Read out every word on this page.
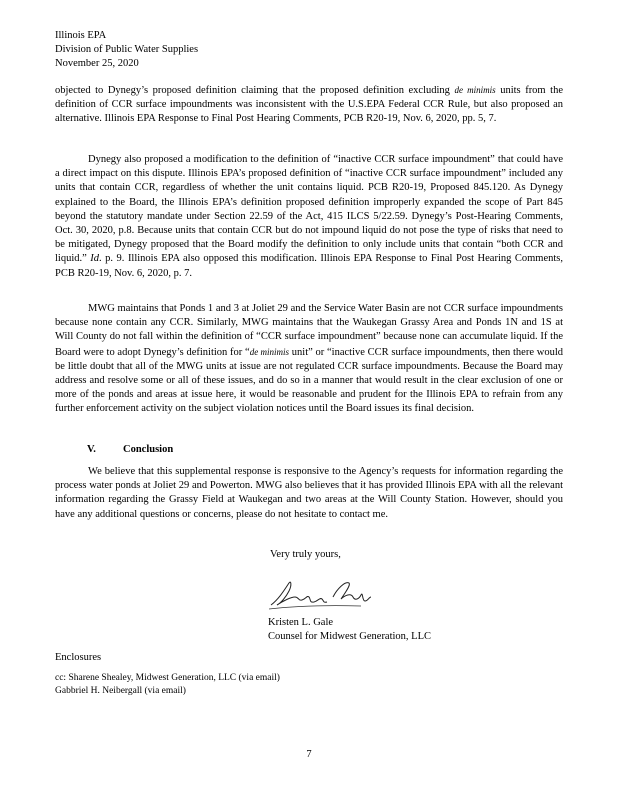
Illinois EPA
Division of Public Water Supplies
November 25, 2020
objected to Dynegy’s proposed definition claiming that the proposed definition excluding de minimis units from the definition of CCR surface impoundments was inconsistent with the U.S.EPA Federal CCR Rule, but also proposed an alternative. Illinois EPA Response to Final Post Hearing Comments, PCB R20-19, Nov. 6, 2020, pp. 5, 7.
Dynegy also proposed a modification to the definition of “inactive CCR surface impoundment” that could have a direct impact on this dispute. Illinois EPA’s proposed definition of “inactive CCR surface impoundment” included any units that contain CCR, regardless of whether the unit contains liquid. PCB R20-19, Proposed 845.120. As Dynegy explained to the Board, the Illinois EPA’s definition proposed definition improperly expanded the scope of Part 845 beyond the statutory mandate under Section 22.59 of the Act, 415 ILCS 5/22.59. Dynegy’s Post-Hearing Comments, Oct. 30, 2020, p.8. Because units that contain CCR but do not impound liquid do not pose the type of risks that need to be mitigated, Dynegy proposed that the Board modify the definition to only include units that contain “both CCR and liquid.” Id. p. 9. Illinois EPA also opposed this modification. Illinois EPA Response to Final Post Hearing Comments, PCB R20-19, Nov. 6, 2020, p. 7.
MWG maintains that Ponds 1 and 3 at Joliet 29 and the Service Water Basin are not CCR surface impoundments because none contain any CCR. Similarly, MWG maintains that the Waukegan Grassy Area and Ponds 1N and 1S at Will County do not fall within the definition of “CCR surface impoundment” because none can accumulate liquid. If the Board were to adopt Dynegy’s definition for “de minimis unit” or “inactive CCR surface impoundments, then there would be little doubt that all of the MWG units at issue are not regulated CCR surface impoundments. Because the Board may address and resolve some or all of these issues, and do so in a manner that would result in the clear exclusion of one or more of the ponds and areas at issue here, it would be reasonable and prudent for the Illinois EPA to refrain from any further enforcement activity on the subject violation notices until the Board issues its final decision.
V.	Conclusion
We believe that this supplemental response is responsive to the Agency’s requests for information regarding the process water ponds at Joliet 29 and Powerton. MWG also believes that it has provided Illinois EPA with all the relevant information regarding the Grassy Field at Waukegan and two areas at the Will County Station. However, should you have any additional questions or concerns, please do not hesitate to contact me.
Very truly yours,
Kristen L. Gale
Counsel for Midwest Generation, LLC
Enclosures
cc: Sharene Shealey, Midwest Generation, LLC (via email)
Gabbriel H. Neibergall (via email)
7
